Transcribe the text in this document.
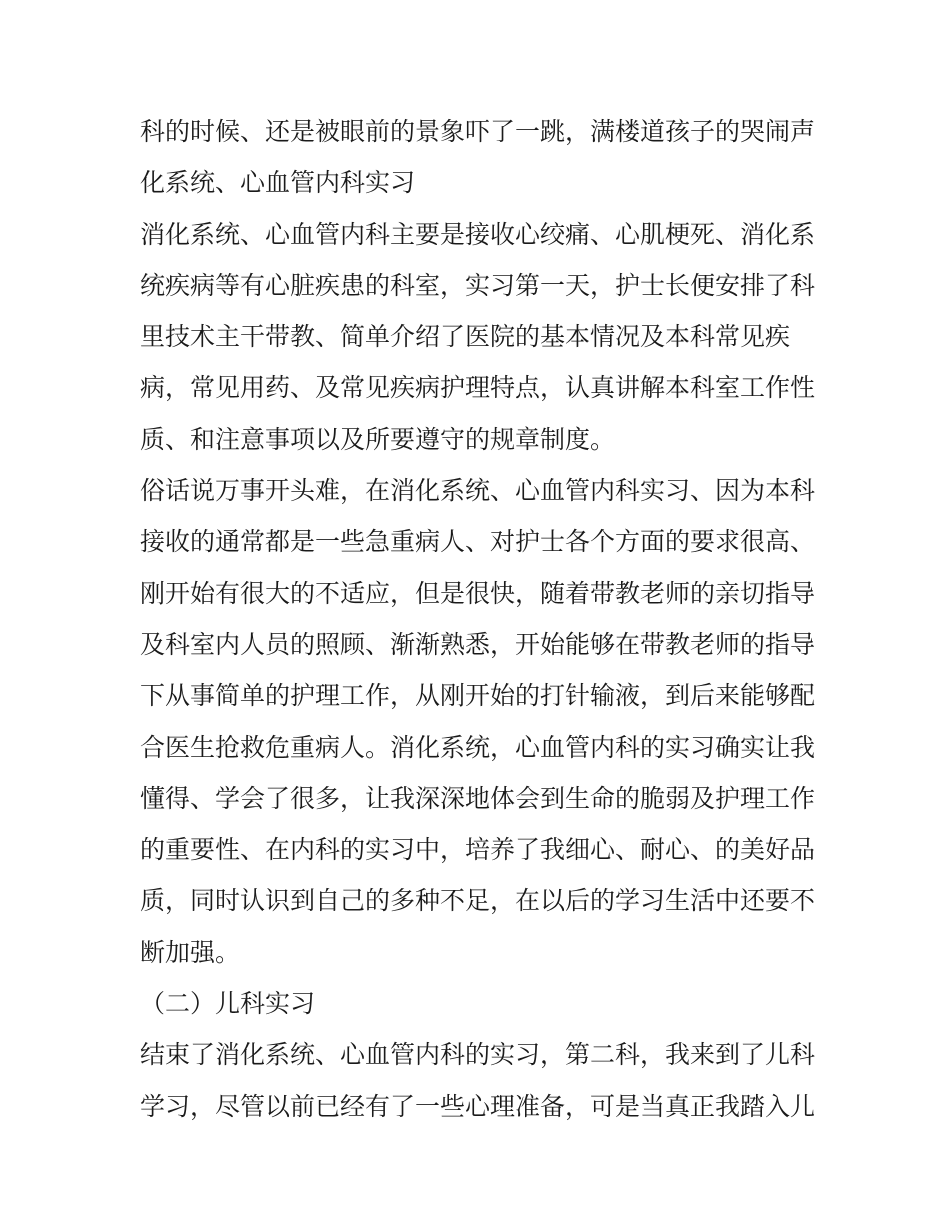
科的时候、还是被眼前的景象吓了一跳，满楼道孩子的哭闹声
化系统、心血管内科实习
消化系统、心血管内科主要是接收心绞痛、心肌梗死、消化系
统疾病等有心脏疾患的科室，实习第一天，护士长便安排了科
里技术主干带教、简单介绍了医院的基本情况及本科常见疾
病，常见用药、及常见疾病护理特点，认真讲解本科室工作性
质、和注意事项以及所要遵守的规章制度。
俗话说万事开头难，在消化系统、心血管内科实习、因为本科
接收的通常都是一些急重病人、对护士各个方面的要求很高、
刚开始有很大的不适应，但是很快，随着带教老师的亲切指导
及科室内人员的照顾、渐渐熟悉，开始能够在带教老师的指导
下从事简单的护理工作，从刚开始的打针输液，到后来能够配
合医生抢救危重病人。消化系统，心血管内科的实习确实让我
懂得、学会了很多，让我深深地体会到生命的脆弱及护理工作
的重要性、在内科的实习中，培养了我细心、耐心、的美好品
质，同时认识到自己的多种不足，在以后的学习生活中还要不
断加强。
（二）儿科实习
结束了消化系统、心血管内科的实习，第二科，我来到了儿科
学习，尽管以前已经有了一些心理准备，可是当真正我踏入儿
